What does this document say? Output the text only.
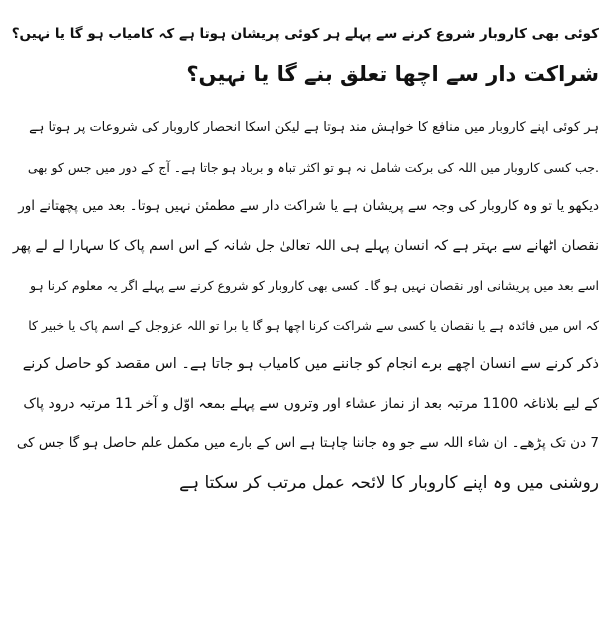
کوئی بھی کاروبار شروع کرنے سے پہلے ہر کوئی پریشان ہوتا ہے کہ کامیاب ہو گا یا نہیں؟
شراکت دار سے اچھا تعلق بنے گا یا نہیں؟
ہر کوئی اپنے کاروبار میں منافع کا خواہش مند ہوتا ہے لیکن اسکا انحصار کاروبار کی شروعات پر ہوتا ہے
.جب کسی کاروبار میں اللہ کی برکت شامل نہ ہو تو اکثر تباہ و برباد ہو جاتا ہے۔ آج کے دور میں جس کو بھی
دیکھو یا تو وہ کاروبار کی وجہ سے پریشان ہے یا شراکت دار سے مطمئن نہیں ہوتا۔ بعد میں پچھتانے اور
نقصان اٹھانے سے بہتر ہے کہ انسان پہلے ہی اللہ تعالیٰ جل شانہ کے اس اسم پاک کا سہارا لے لے پھر
اسے بعد میں پریشانی اور نقصان نہیں ہو گا۔ کسی بھی کاروبار کو شروع کرنے سے پہلے اگر یہ معلوم کرنا ہو
کہ اس میں فائدہ ہے یا نقصان یا کسی سے شراکت کرنا اچھا ہو گا یا برا تو اللہ عزوجل کے اسم پاک یا خبیر کا
ذکر کرنے سے انسان اچھے برے انجام کو جاننے میں کامیاب ہو جاتا ہے۔ اس مقصد کو حاصل کرنے
کے لیے بلاناغہ 1100 مرتبہ بعد از نماز عشاء اور وتروں سے پہلے بمعہ اوّل و آخر 11 مرتبہ درود پاک
7 دن تک پڑھے۔ ان شاء اللہ سے جو وہ جاننا چاہتا ہے اس کے بارے میں مکمل علم حاصل ہو گا جس کی
روشنی میں وہ اپنے کاروبار کا لائحہ عمل مرتب کر سکتا ہے
